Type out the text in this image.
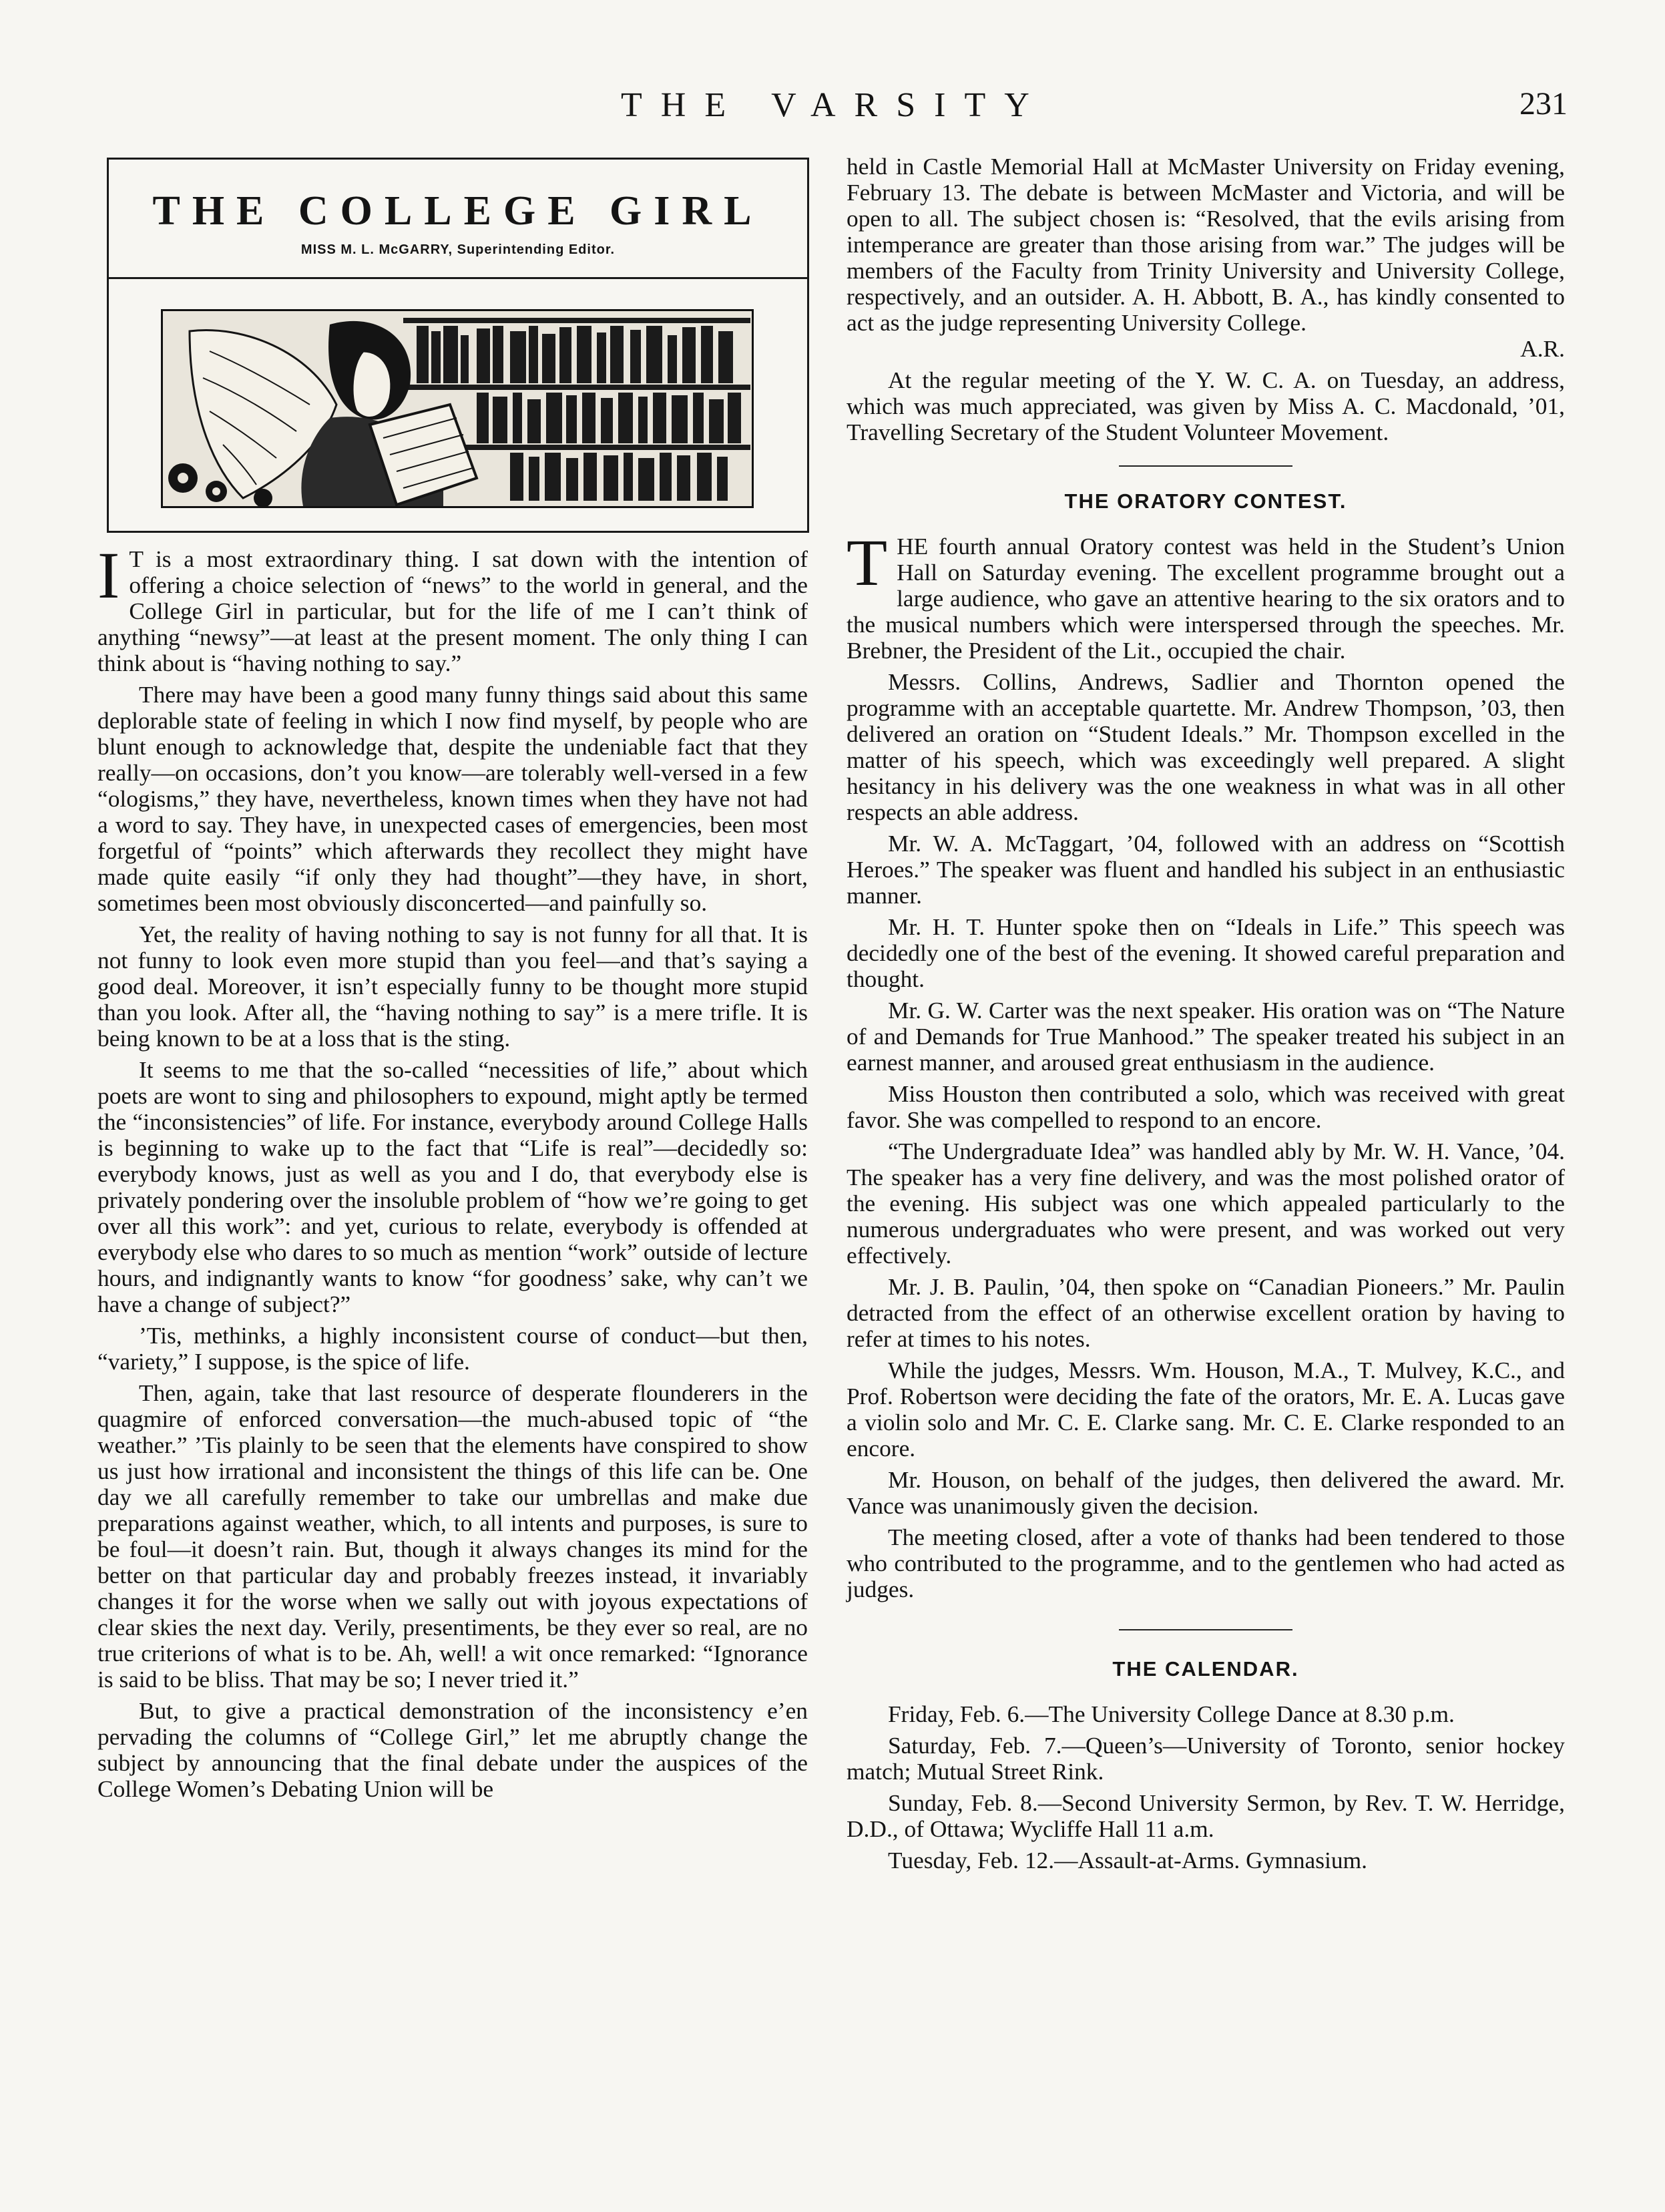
THE VARSITY	231
THE COLLEGE GIRL
MISS M. L. McGARRY, Superintending Editor.

I T is a most extraordinary thing. I sat down with the intention of offering a choice selection of “news” to the world in general, and the College Girl in particular, but for the life of me I can’t think of anything “newsy”—at least at the present moment. The only thing I can think about is “having nothing to say.”

There may have been a good many funny things said about this same deplorable state of feeling in which I now find myself, by people who are blunt enough to acknowledge that, despite the undeniable fact that they really—on occasions, don’t you know—are tolerably well-versed in a few “ologisms,” they have, nevertheless, known times when they have not had a word to say. They have, in unexpected cases of emergencies, been most forgetful of “points” which afterwards they recollect they might have made quite easily “if only they had thought”—they have, in short, sometimes been most obviously disconcerted—and painfully so.

Yet, the reality of having nothing to say is not funny for all that. It is not funny to look even more stupid than you feel—and that’s saying a good deal. Moreover, it isn’t especially funny to be thought more stupid than you look. After all, the “having nothing to say” is a mere trifle. It is being known to be at a loss that is the sting.

It seems to me that the so-called “necessities of life,” about which poets are wont to sing and philosophers to expound, might aptly be termed the “inconsistencies” of life. For instance, everybody around College Halls is beginning to wake up to the fact that “Life is real”—decidedly so: everybody knows, just as well as you and I do, that everybody else is privately pondering over the insoluble problem of “how we’re going to get over all this work”: and yet, curious to relate, everybody is offended at everybody else who dares to so much as mention “work” outside of lecture hours, and indignantly wants to know “for goodness’ sake, why can’t we have a change of subject?”

’Tis, methinks, a highly inconsistent course of conduct—but then, “variety,” I suppose, is the spice of life.

Then, again, take that last resource of desperate flounderers in the quagmire of enforced conversation—the much-abused topic of “the weather.” ’Tis plainly to be seen that the elements have conspired to show us just how irrational and inconsistent the things of this life can be. One day we all carefully remember to take our umbrellas and make due preparations against weather, which, to all intents and purposes, is sure to be foul—it doesn’t rain. But, though it always changes its mind for the better on that particular day and probably freezes instead, it invariably changes it for the worse when we sally out with joyous expectations of clear skies the next day. Verily, presentiments, be they ever so real, are no true criterions of what is to be. Ah, well! a wit once remarked: “Ignorance is said to be bliss. That may be so; I never tried it.”

But, to give a practical demonstration of the inconsistency e’en pervading the columns of “College Girl,” let me abruptly change the subject by announcing that the final debate under the auspices of the College Women’s Debating Union will be

held in Castle Memorial Hall at McMaster University on Friday evening, February 13. The debate is between McMaster and Victoria, and will be open to all. The subject chosen is: “Resolved, that the evils arising from intemperance are greater than those arising from war.” The judges will be members of the Faculty from Trinity University and University College, respectively, and an outsider. A. H. Abbott, B. A., has kindly consented to act as the judge representing University College.

A.R.

At the regular meeting of the Y. W. C. A. on Tuesday, an address, which was much appreciated, was given by Miss A. C. Macdonald, ’01, Travelling Secretary of the Student Volunteer Movement.

THE ORATORY CONTEST.

THE fourth annual Oratory contest was held in the Student’s Union Hall on Saturday evening. The excellent programme brought out a large audience, who gave an attentive hearing to the six orators and to the musical numbers which were interspersed through the speeches. Mr. Brebner, the President of the Lit., occupied the chair.

Messrs. Collins, Andrews, Sadlier and Thornton opened the programme with an acceptable quartette. Mr. Andrew Thompson, ’03, then delivered an oration on “Student Ideals.” Mr. Thompson excelled in the matter of his speech, which was exceedingly well prepared. A slight hesitancy in his delivery was the one weakness in what was in all other respects an able address.

Mr. W. A. McTaggart, ’04, followed with an address on “Scottish Heroes.” The speaker was fluent and handled his subject in an enthusiastic manner.

Mr. H. T. Hunter spoke then on “Ideals in Life.” This speech was decidedly one of the best of the evening. It showed careful preparation and thought.

Mr. G. W. Carter was the next speaker. His oration was on “The Nature of and Demands for True Manhood.” The speaker treated his subject in an earnest manner, and aroused great enthusiasm in the audience.

Miss Houston then contributed a solo, which was received with great favor. She was compelled to respond to an encore.

“The Undergraduate Idea” was handled ably by Mr. W. H. Vance, ’04. The speaker has a very fine delivery, and was the most polished orator of the evening. His subject was one which appealed particularly to the numerous undergraduates who were present, and was worked out very effectively.

Mr. J. B. Paulin, ’04, then spoke on “Canadian Pioneers.” Mr. Paulin detracted from the effect of an otherwise excellent oration by having to refer at times to his notes.

While the judges, Messrs. Wm. Houson, M.A., T. Mulvey, K.C., and Prof. Robertson were deciding the fate of the orators, Mr. E. A. Lucas gave a violin solo and Mr. C. E. Clarke sang. Mr. C. E. Clarke responded to an encore.

Mr. Houson, on behalf of the judges, then delivered the award. Mr. Vance was unanimously given the decision.

The meeting closed, after a vote of thanks had been tendered to those who contributed to the programme, and to the gentlemen who had acted as judges.

THE CALENDAR.

Friday, Feb. 6.—The University College Dance at 8.30 p.m.

Saturday, Feb. 7.—Queen’s—University of Toronto, senior hockey match; Mutual Street Rink.

Sunday, Feb. 8.—Second University Sermon, by Rev. T. W. Herridge, D.D., of Ottawa; Wycliffe Hall 11 a.m.

Tuesday, Feb. 12.—Assault-at-Arms. Gymnasium.
